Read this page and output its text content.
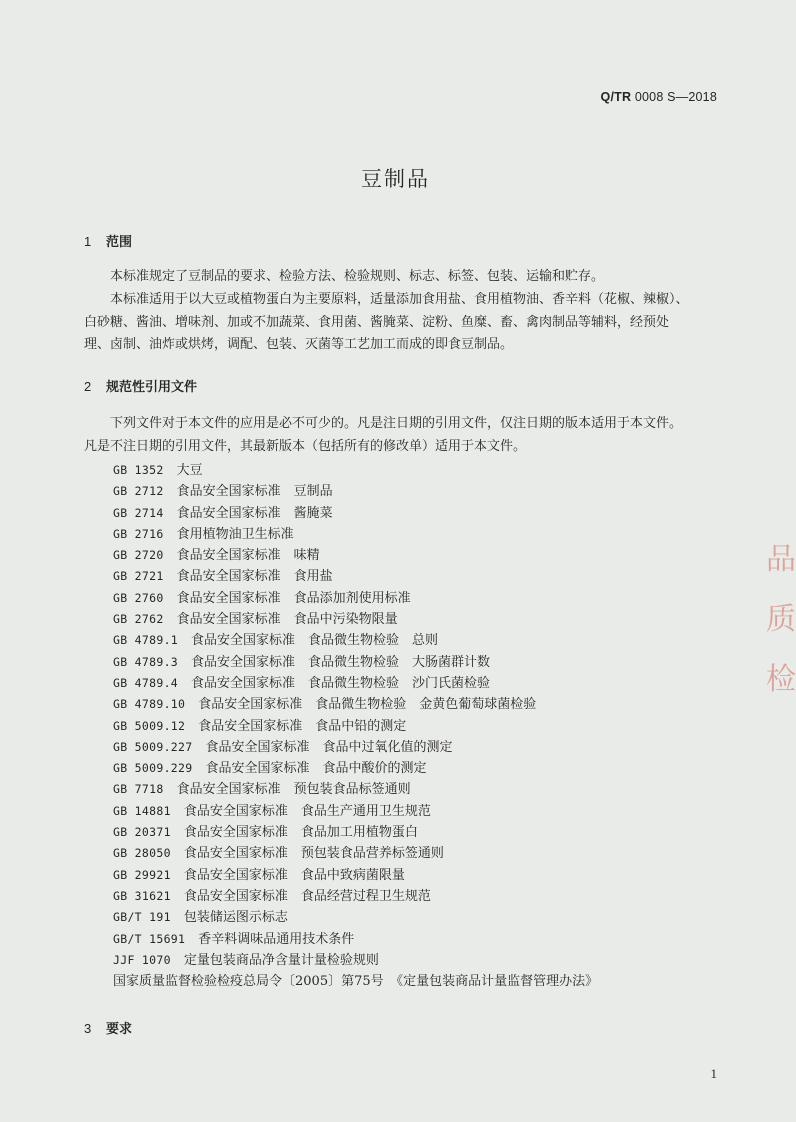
Q/TR 0008 S—2018
豆制品
1 范围
本标准规定了豆制品的要求、检验方法、检验规则、标志、标签、包装、运输和贮存。
本标准适用于以大豆或植物蛋白为主要原料，适量添加食用盐、食用植物油、香辛料（花椒、辣椒）、
白砂糖、酱油、增味剂、加或不加蔬菜、食用菌、酱腌菜、淀粉、鱼糜、畜、禽肉制品等辅料，经预处
理、卤制、油炸或烘烤，调配、包装、灭菌等工艺加工而成的即食豆制品。
2 规范性引用文件
下列文件对于本文件的应用是必不可少的。凡是注日期的引用文件，仅注日期的版本适用于本文件。
凡是不注日期的引用文件，其最新版本（包括所有的修改单）适用于本文件。
GB 1352　 大豆
GB 2712　 食品安全国家标准　豆制品
GB 2714　 食品安全国家标准　酱腌菜
GB 2716　 食用植物油卫生标准
GB 2720　 食品安全国家标准　味精
GB 2721　 食品安全国家标准　食用盐
GB 2760　 食品安全国家标准　食品添加剂使用标准
GB 2762　 食品安全国家标准　食品中污染物限量
GB 4789.1　 食品安全国家标准　食品微生物检验　总则
GB 4789.3　 食品安全国家标准　食品微生物检验　大肠菌群计数
GB 4789.4　 食品安全国家标准　食品微生物检验　沙门氏菌检验
GB 4789.10　 食品安全国家标准　食品微生物检验　金黄色葡萄球菌检验
GB 5009.12　 食品安全国家标准　食品中铅的测定
GB 5009.227　 食品安全国家标准　食品中过氧化值的测定
GB 5009.229　 食品安全国家标准　食品中酸价的测定
GB 7718　 食品安全国家标准　预包装食品标签通则
GB 14881　 食品安全国家标准　食品生产通用卫生规范
GB 20371　 食品安全国家标准　食品加工用植物蛋白
GB 28050　 食品安全国家标准　预包装食品营养标签通则
GB 29921　 食品安全国家标准　食品中致病菌限量
GB 31621　 食品安全国家标准　食品经营过程卫生规范
GB/T 191　 包装储运图示标志
GB/T 15691　 香辛料调味品通用技术条件
JJF 1070　 定量包装商品净含量计量检验规则
国家质量监督检验检疫总局令〔2005〕第75号　 《定量包装商品计量监督管理办法》
3 要求
1
品 质 检
